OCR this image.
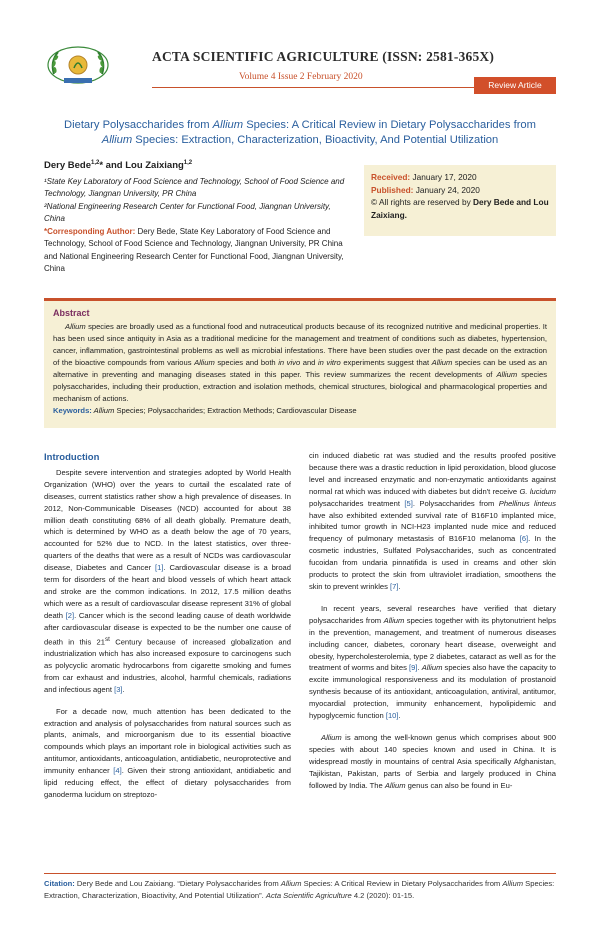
ACTA SCIENTIFIC AGRICULTURE (ISSN: 2581-365X)
Volume 4 Issue 2 February 2020
Review Article
Dietary Polysaccharides from Allium Species: A Critical Review in Dietary Polysaccharides from Allium Species: Extraction, Characterization, Bioactivity, And Potential Utilization
Dery Bede$^{1,2}$* and Lou Zaixiang$^{1,2}$
¹State Key Laboratory of Food Science and Technology, School of Food Science and Technology, Jiangnan University, PR China
²National Engineering Research Center for Functional Food, Jiangnan University, China
*Corresponding Author: Dery Bede, State Key Laboratory of Food Science and Technology, School of Food Science and Technology, Jiangnan University, PR China and National Engineering Research Center for Functional Food, Jiangnan University, China
Received: January 17, 2020
Published: January 24, 2020
© All rights are reserved by Dery Bede and Lou Zaixiang.
Abstract
Allium species are broadly used as a functional food and nutraceutical products because of its recognized nutritive and medicinal properties. It has been used since antiquity in Asia as a traditional medicine for the management and treatment of conditions such as diabetes, hypertension, cancer, inflammation, gastrointestinal problems as well as microbial infestations. There have been studies over the past decade on the extraction of the bioactive compounds from various Allium species and both in vivo and in vitro experiments suggest that Allium species can be used as an alternative in preventing and managing diseases stated in this paper. This review summarizes the recent developments of Allium species polysaccharides, including their production, extraction and isolation methods, chemical structures, biological and pharmacological properties and mechanism of actions.
Keywords: Allium Species; Polysaccharides; Extraction Methods; Cardiovascular Disease
Introduction

Despite severe intervention and strategies adopted by World Health Organization (WHO) over the years to curtail the escalated rate of diseases, current statistics rather show a high prevalence of diseases. In 2012, Non-Communicable Diseases (NCD) accounted for about 38 million death constituting 68% of all death globally. Premature death, which is determined by WHO as a death below the age of 70 years, accounted for 52% due to NCD. In the latest statistics, over three-quarters of the deaths that were as a result of NCDs was cardiovascular disease, Diabetes and Cancer [1]. Cardiovascular disease is a broad term for disorders of the heart and blood vessels of which heart attack and stroke are the common indications. In 2012, 17.5 million deaths which were as a result of cardiovascular disease represent 31% of global death [2]. Cancer which is the second leading cause of death worldwide after cardiovascular disease is expected to be the number one cause of death in this 21st Century because of increased globalization and industrialization which has also increased exposure to carcinogens such as polycyclic aromatic hydrocarbons from cigarette smoking and fumes from car exhaust and industries, alcohol, harmful chemicals, radiations and infectious agent [3].

For a decade now, much attention has been dedicated to the extraction and analysis of polysaccharides from natural sources such as plants, animals, and microorganism due to its essential bioactive compounds which plays an important role in biological activities such as antitumor, antioxidants, anticoagulation, antidiabetic, neuroprotective and immunity enhancer [4]. Given their strong antioxidant, antidiabetic and lipid reducing effect, the effect of dietary polysaccharides from ganoderma lucidum on streptozo-

cin induced diabetic rat was studied and the results proofed positive because there was a drastic reduction in lipid peroxidation, blood glucose level and increased enzymatic and non-enzymatic antioxidants against normal rat which was induced with diabetes but didn't receive G. lucidum polysaccharides treatment [5]. Polysaccharides from Phellinus linteus have also exhibited extended survival rate of B16F10 implanted mice, inhibited tumor growth in NCI-H23 implanted nude mice and reduced frequency of pulmonary metastasis of B16F10 melanoma [6]. In the cosmetic industries, Sulfated Polysaccharides, such as concentrated fucoidan from undaria pinnatifida is used in creams and other skin products to protect the skin from ultraviolet irradiation, smoothens the skin to prevent wrinkles [7].

In recent years, several researches have verified that dietary polysaccharides from Allium species together with its phytonutrient helps in the prevention, management, and treatment of numerous diseases including cancer, diabetes, coronary heart disease, overweight and obesity, hypercholesterolemia, type 2 diabetes, cataract as well as for the treatment of worms and bites [9]. Allium species also have the capacity to excite immunological responsiveness and its modulation of prostanoid synthesis because of its antioxidant, anticoagulation, antiviral, antitumor, myocardial protection, immunity enhancement, hypolipidemic and hypoglycemic function [10].

Allium is among the well-known genus which comprises about 900 species with about 140 species known and used in China. It is widespread mostly in mountains of central Asia specifically Afghanistan, Tajikistan, Pakistan, parts of Serbia and largely produced in China followed by India. The Allium genus can also be found in Eu-

Citation: Dery Bede and Lou Zaixiang. “Dietary Polysaccharides from Allium Species: A Critical Review in Dietary Polysaccharides from Allium Species: Extraction, Characterization, Bioactivity, And Potential Utilization”. Acta Scientific Agriculture 4.2 (2020): 01-15.
